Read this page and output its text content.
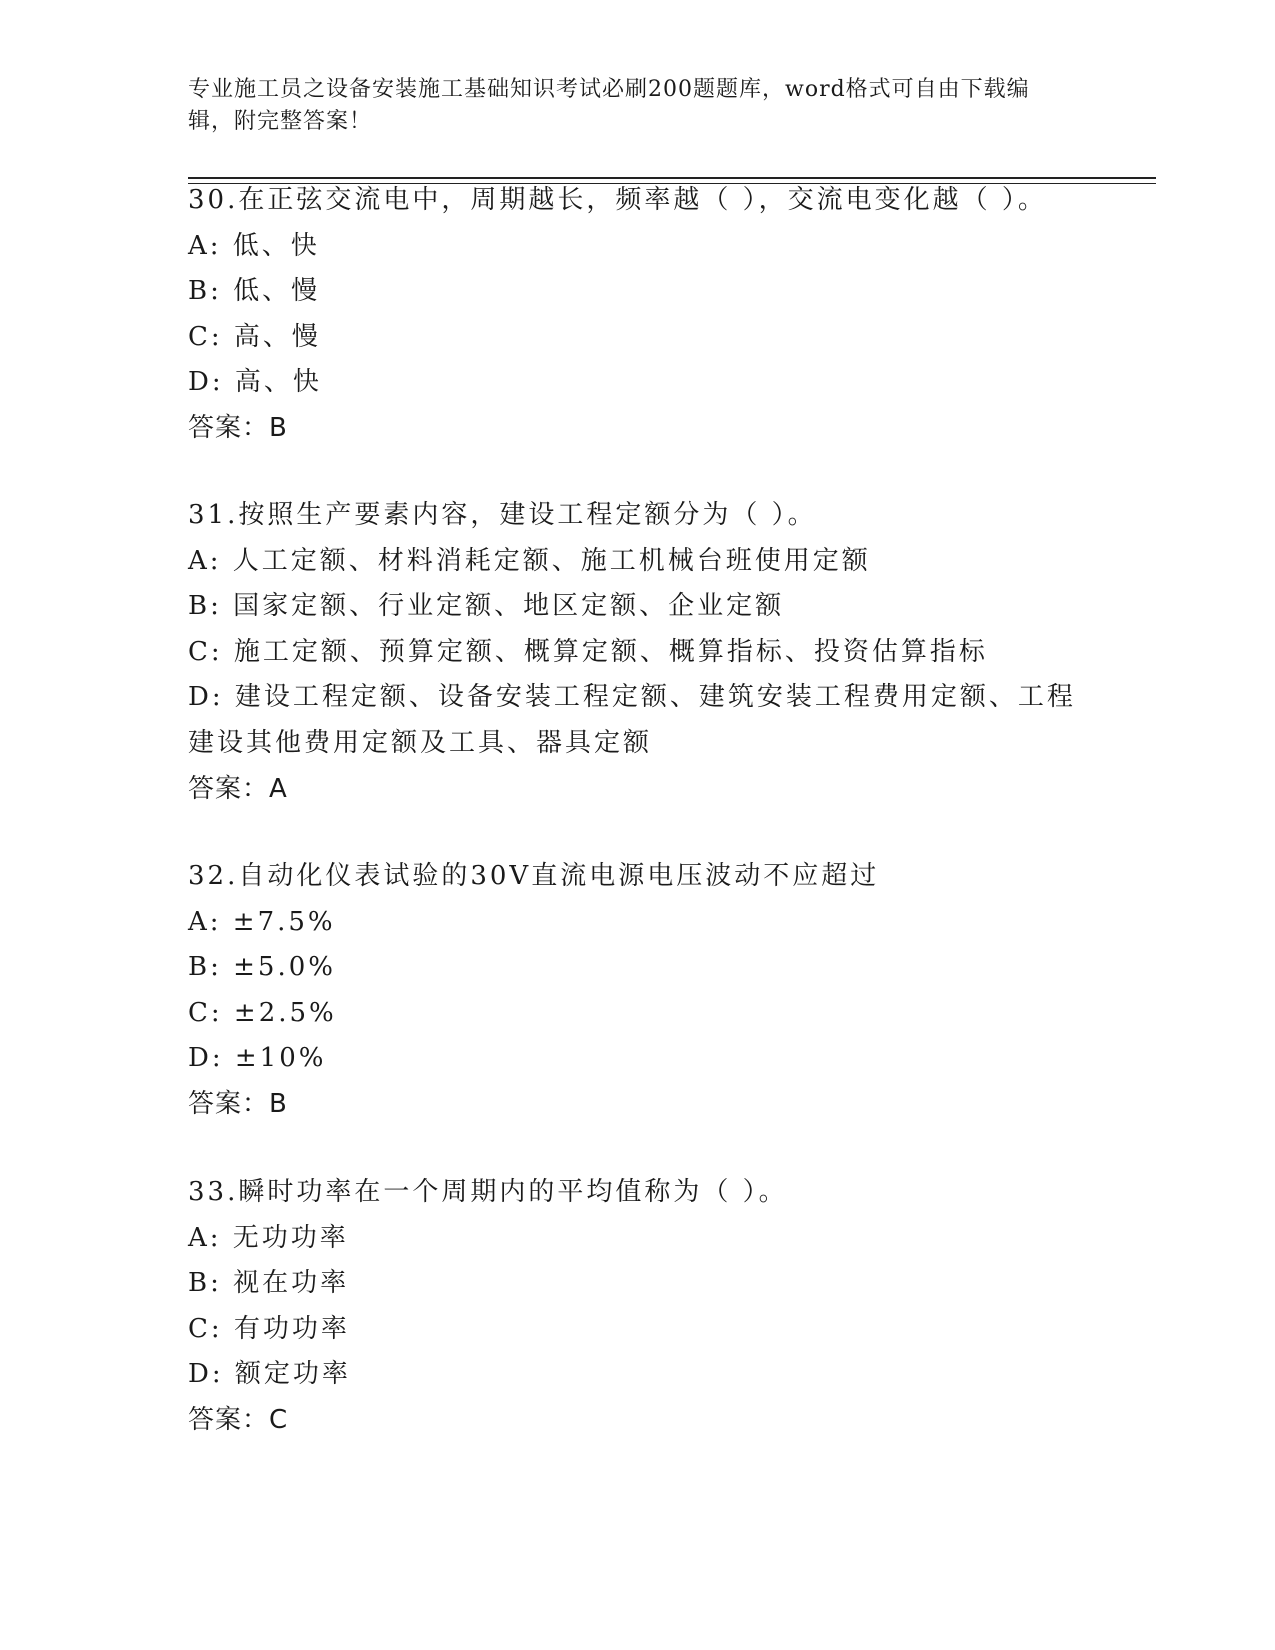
专业施工员之设备安装施工基础知识考试必刷200题题库，word格式可自由下载编辑，附完整答案！
30.在正弦交流电中，周期越长，频率越（ ），交流电变化越（ ）。
A: 低、快
B: 低、慢
C: 高、慢
D: 高、快
答案：B
31.按照生产要素内容，建设工程定额分为（ ）。
A: 人工定额、材料消耗定额、施工机械台班使用定额
B: 国家定额、行业定额、地区定额、企业定额
C: 施工定额、预算定额、概算定额、概算指标、投资估算指标
D: 建设工程定额、设备安装工程定额、建筑安装工程费用定额、工程建设其他费用定额及工具、器具定额
答案：A
32.自动化仪表试验的30V直流电源电压波动不应超过
A: ±7.5%
B: ±5.0%
C: ±2.5%
D: ±10%
答案：B
33.瞬时功率在一个周期内的平均值称为（ ）。
A: 无功功率
B: 视在功率
C: 有功功率
D: 额定功率
答案：C
